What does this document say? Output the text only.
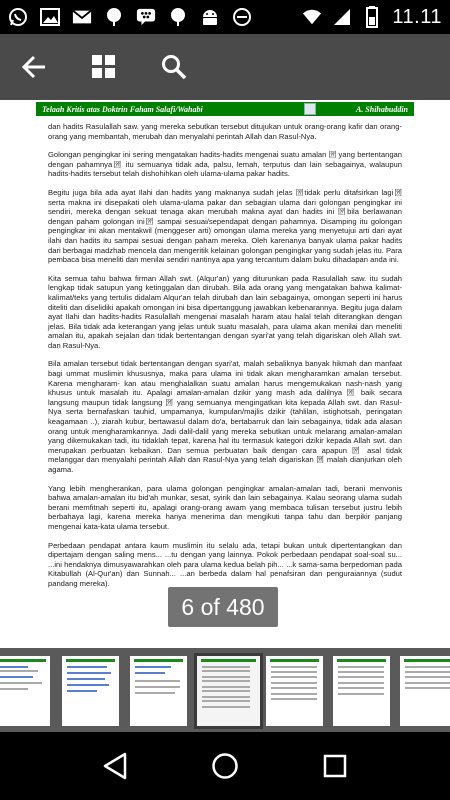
11.11
Telaah Kritis atas Doktrin Faham Salafi/Wahabi	A. Shihabuddin

dan hadits Rasulallah saw. yang mereka sebutkan tersebut ditujukan untuk orang-orang kafir dan orang-orang yang membantah, merubah dan menyalahi perintah Allah dan Rasul-Nya.

Golongan pengingkar ini sering mengatakan hadits-hadits mengenai suatu amalan 圀 yang bertentangan dengan pahamnya圀 itu semuanya tidak ada, palsu, lemah, terputus dan lain sebagainya, walaupun hadits-hadits tersebut telah dishohihkan oleh ulama-ulama pakar hadits.

Begitu juga bila ada ayat Ilahi dan hadits yang maknanya sudah jelas 圀tidak perlu ditafsirkan lagi圀 serta makna ini disepakati oleh ulama-ulama pakar dan sebagian ulama dari golongan pengingkar ini sendiri, mereka dengan sekuat tenaga akan merubah makna ayat dan hadits ini 圀bila berlawanan dengan paham golongan ini圀 sampai sesuai/sependapat dengan pahamnya. Disamping itu golongan pengingkar ini akan mentakwil (menggeser arti) omongan ulama mereka yang menyetujui arti dari ayat ilahi dan hadits itu sampai sesuai dengan paham mereka. Oleh karenanya banyak ulama pakar hadits dari berbagai madzhab mencela dan mengeritik kelainan golongan pengingkar yang sudah jelas itu. Para pembaca bisa meneliti dan menilai sendiri nantinya apa yang tercantum dalam buku dihadapan anda ini.

Kita semua tahu bahwa firman Allah swt. (Alqur'an) yang diturunkan pada Rasulallah saw. itu sudah lengkap tidak satupun yang ketinggalan dan dirubah. Bila ada orang yang mengatakan bahwa kalimat-kalimat/teks yang tertulis didalam Alqur'an telah dirubah dan lain sebagainya, omongan seperti ini harus diteliti dan diselidiki apakah omongan ini bisa dipertanggung jawabkan kebenarannya. Begitu juga dalam ayat Ilahi dan hadits-hadits Rasulallah mengenai masalah haram atau halal telah diterangkan dengan jelas. Bila tidak ada keterangan yang jelas untuk suatu masalah, para ulama akan menilai dan meneliti amalan itu, apakah sejalan dan tidak bertentangan dengan syari'at yang telah digariskan oleh Allah swt. dan Rasul-Nya.

Bila amalan tersebut tidak bertentangan dengan syari'at, malah sebaliknya banyak hikmah dan manfaat bagi ummat muslimin khususnya, maka para ulama ini tidak akan mengharamkan amalan tersebut. Karena mengharam- kan atau menghalalkan suatu amalan harus mengemukakan nash-nash yang khusus untuk masalah itu. Apalagi amalan-amalan dzikir yang mash ada dalilnya 圀 baik secara langsung maupun tidak langsung 圀 yang semuanya mengingatkan kita kepada Allah swt. dan Rasul-Nya serta bernafaskan tauhid, umpamanya, kumpulan/majlis dzikir (tahlilan, istighotsah, peringatan keagamaan ..), ziarah kubur, bertawasul dalam do'a, bertabarruk dan lain sebagainya, tidak ada alasan orang untuk mengharamkannya. Jadi dalil-dalil yang mereka sebutkan untuk melarang amalan-amalan yang dikemukakan tadi, itu tidaklah tepat, karena hal itu termasuk kategori dzikir kepada Allah swt. dan merupakan perbuatan kebaikan. Dan semua perbuatan baik dengan cara apapun 圀 asal tidak melanggar dan menyalahi perintah Allah dan Rasul-Nya yang telah digariskan 圀 malah dianjurkan oleh agama.

Yang lebih mengherankan, para ulama golongan pengingkar amalan-amalan tadi, berani menvonis bahwa amalan-amalan itu bid'ah munkar, sesat, syirik dan lain sebagainya. Kalau seorang ulama sudah berani memfitnah seperti itu, apalagi orang-orang awam yang membaca tulisan tersebut justru lebih berbahaya lagi, karena mereka hanya menerima dan mengikuti tanpa tahu dan berpikir panjang mengenai kata-kata ulama tersebut.

Perbedaan pendapat antara kaum muslimin itu selalu ada, tetapi bukan untuk dipertentangkan dan dipertajam dengan saling mens... ...tu dengan yang lainnya. Pokok perbedaan pendapat soal-soal su... ...ini hendaknya dimusyawarahkan oleh para ulama kedua belah pih... ...k sama-sama berpedoman pada Kitabullah (Al-Qur'an) dan Sunnah... ...an berbeda dalam hal penafsiran dan penguraiannya (sudut pandang mereka).

6 of 480
